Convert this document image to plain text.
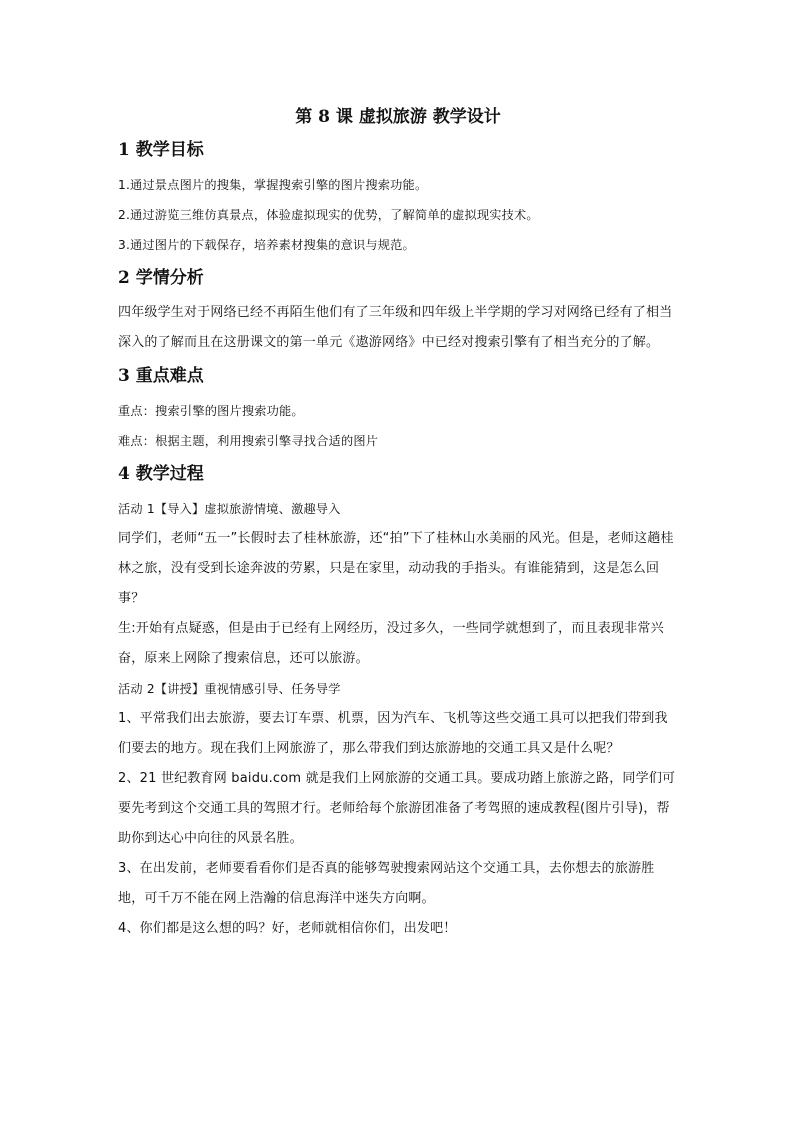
第 8 课 虚拟旅游 教学设计
1 教学目标

1.通过景点图片的搜集，掌握搜索引擎的图片搜索功能。

2.通过游览三维仿真景点，体验虚拟现实的优势，了解简单的虚拟现实技术。

3.通过图片的下载保存，培养素材搜集的意识与规范。

2 学情分析

四年级学生对于网络已经不再陌生他们有了三年级和四年级上半学期的学习对网络已经有了相当深入的了解而且在这册课文的第一单元《遨游网络》中已经对搜索引擎有了相当充分的了解。

3 重点难点

重点：搜索引擎的图片搜索功能。

难点：根据主题，利用搜索引擎寻找合适的图片

4 教学过程

活动 1【导入】虚拟旅游情境、激趣导入

同学们，老师“五一”长假时去了桂林旅游，还“拍”下了桂林山水美丽的风光。但是，老师这趟桂林之旅，没有受到长途奔波的劳累，只是在家里，动动我的手指头。有谁能猜到，这是怎么回事？

生:开始有点疑惑，但是由于已经有上网经历，没过多久，一些同学就想到了，而且表现非常兴奋，原来上网除了搜索信息，还可以旅游。

活动 2【讲授】重视情感引导、任务导学

1、平常我们出去旅游，要去订车票、机票，因为汽车、飞机等这些交通工具可以把我们带到我们要去的地方。现在我们上网旅游了，那么带我们到达旅游地的交通工具又是什么呢？

2、21 世纪教育网 baidu.com 就是我们上网旅游的交通工具。要成功踏上旅游之路，同学们可要先考到这个交通工具的驾照才行。老师给每个旅游团准备了考驾照的速成教程(图片引导)，帮助你到达心中向往的风景名胜。

3、在出发前，老师要看看你们是否真的能够驾驶搜索网站这个交通工具，去你想去的旅游胜地，可千万不能在网上浩瀚的信息海洋中迷失方向啊。

4、你们都是这么想的吗？好，老师就相信你们，出发吧！
